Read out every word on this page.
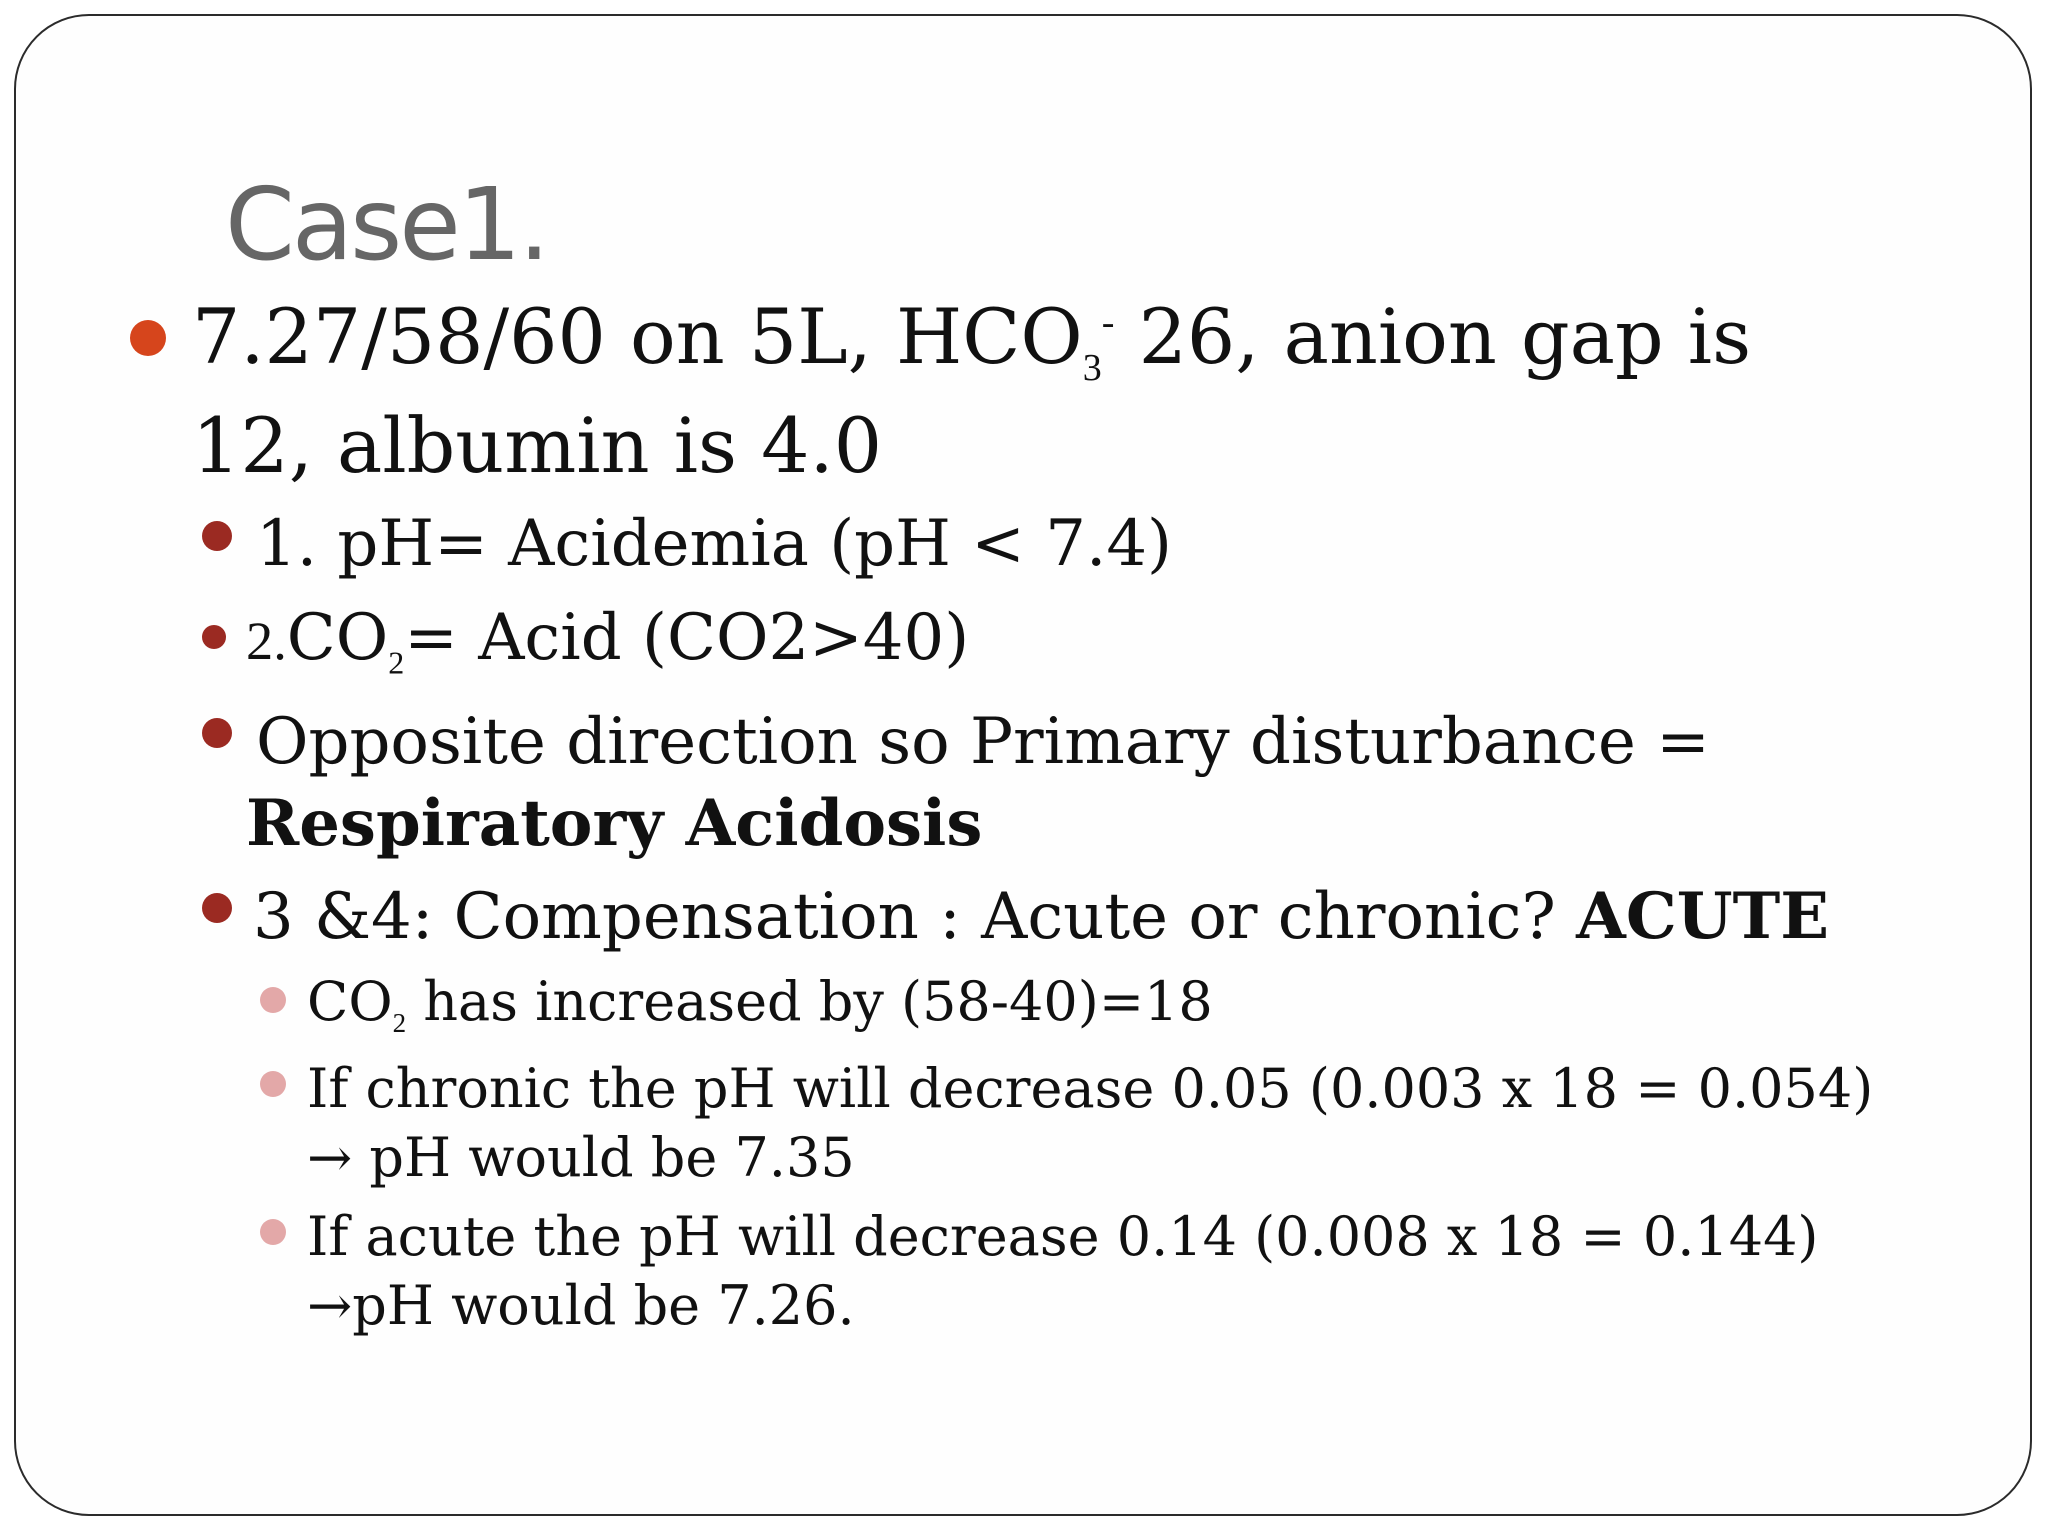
Case1.
7.27/58/60 on 5L, $HCO_3^-$ 26, anion gap is
12, albumin is 4.0
1. pH= Acidemia (pH < 7.4)
$2.CO_2=$ Acid (CO2>40)
Opposite direction so Primary disturbance =
Respiratory Acidosis
3 &4: Compensation : Acute or chronic? ACUTE
$CO_2$ has increased by (58-40)=18
If chronic the pH will decrease 0.05 (0.003 x 18 = 0.054)
→ pH would be 7.35
If acute the pH will decrease 0.14 (0.008 x 18 = 0.144)
→pH would be 7.26.
